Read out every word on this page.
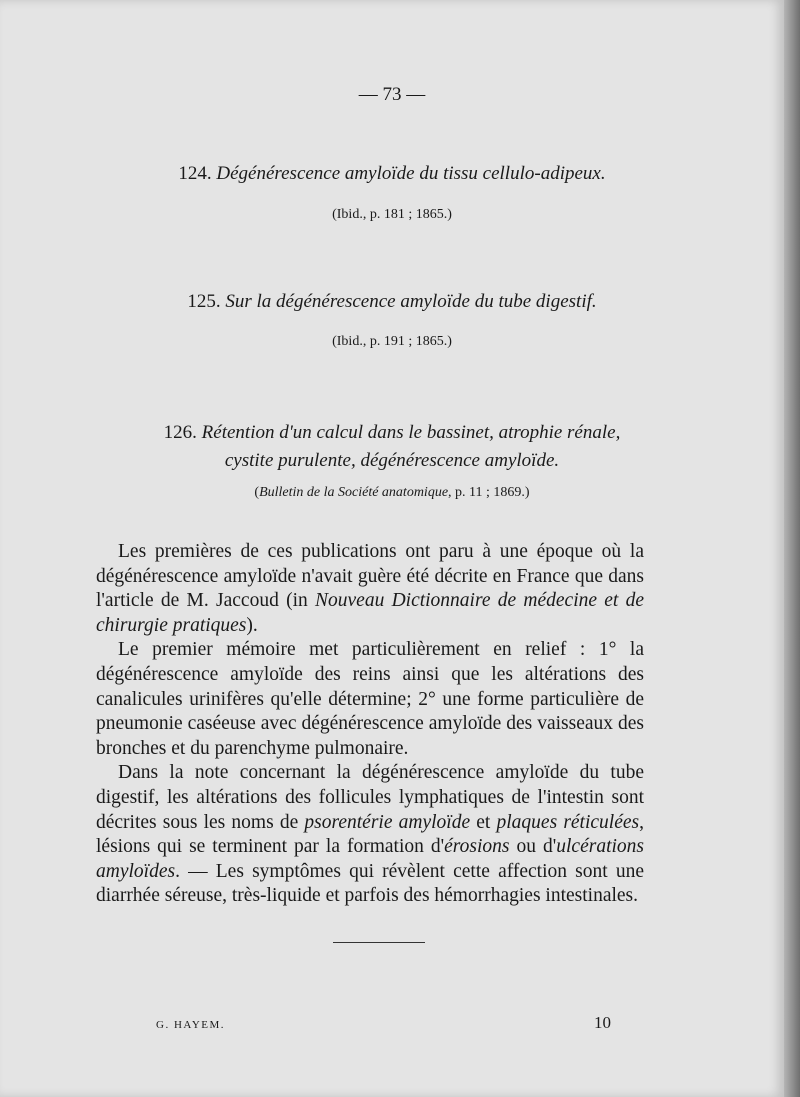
— 73 —
124. Dégénérescence amyloïde du tissu cellulo-adipeux.
(Ibid., p. 181 ; 1865.)
125. Sur la dégénérescence amyloïde du tube digestif.
(Ibid., p. 191 ; 1865.)
126. Rétention d'un calcul dans le bassinet, atrophie rénale,
cystite purulente, dégénérescence amyloïde.
(Bulletin de la Société anatomique, p. 11 ; 1869.)

Les premières de ces publications ont paru à une époque où la dégénérescence amyloïde n'avait guère été décrite en France que dans l'article de M. Jaccoud (in Nouveau Dictionnaire de médecine et de chirurgie pratiques).

Le premier mémoire met particulièrement en relief : 1° la dégénérescence amyloïde des reins ainsi que les altérations des canalicules urinifères qu'elle détermine; 2° une forme particulière de pneumonie caséeuse avec dégénérescence amyloïde des vaisseaux des bronches et du parenchyme pulmonaire.

Dans la note concernant la dégénérescence amyloïde du tube digestif, les altérations des follicules lymphatiques de l'intestin sont décrites sous les noms de psorentérie amyloïde et plaques réticulées, lésions qui se terminent par la formation d'érosions ou d'ulcérations amyloïdes. — Les symptômes qui révèlent cette affection sont une diarrhée séreuse, très-liquide et parfois des hémorrhagies intestinales.

G. HAYEM.	10
